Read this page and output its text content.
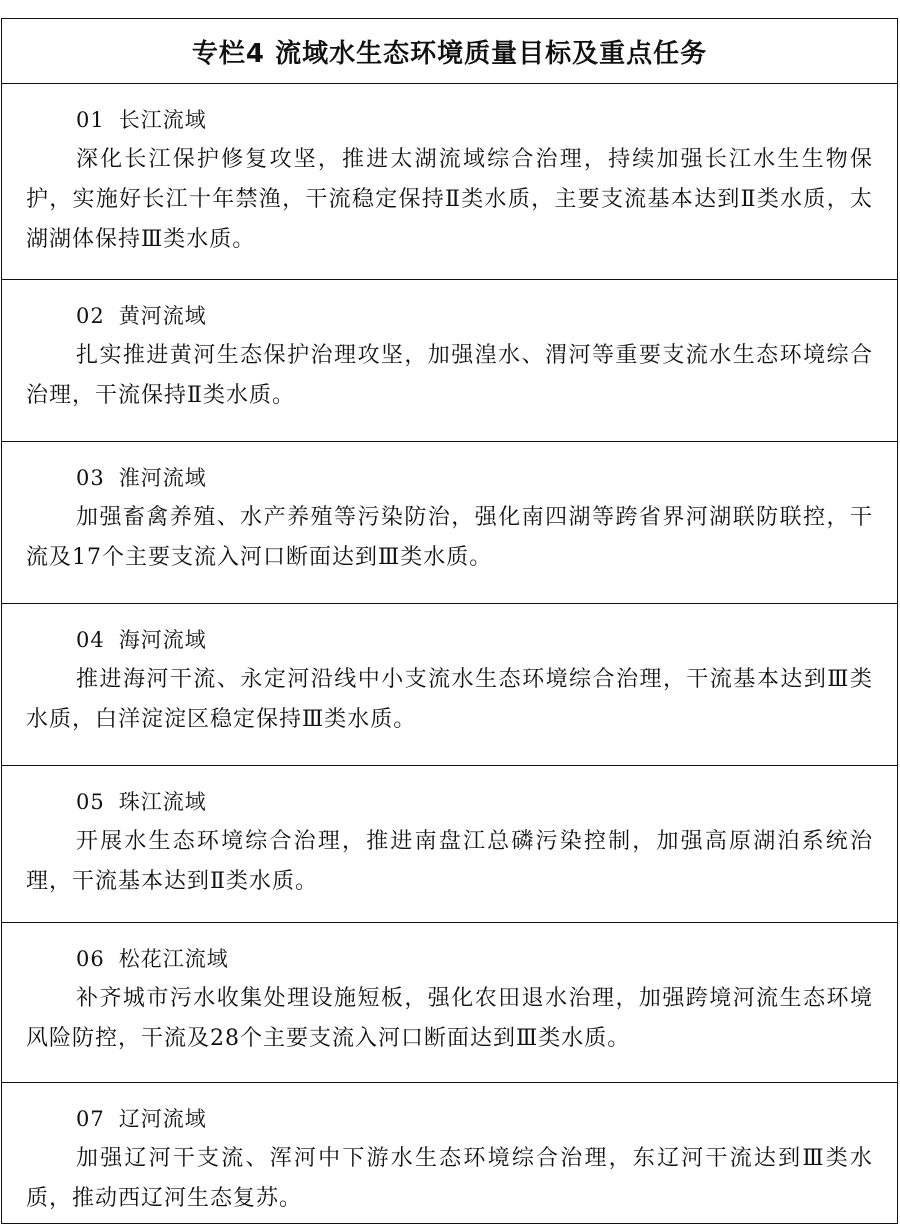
专栏4 流域水生态环境质量目标及重点任务
01 长江流域

深化长江保护修复攻坚，推进太湖流域综合治理，持续加强长江水生生物保护，实施好长江十年禁渔，干流稳定保持Ⅱ类水质，主要支流基本达到Ⅱ类水质，太湖湖体保持Ⅲ类水质。

02 黄河流域

扎实推进黄河生态保护治理攻坚，加强湟水、渭河等重要支流水生态环境综合治理，干流保持Ⅱ类水质。

03 淮河流域

加强畜禽养殖、水产养殖等污染防治，强化南四湖等跨省界河湖联防联控，干流及17个主要支流入河口断面达到Ⅲ类水质。

04 海河流域

推进海河干流、永定河沿线中小支流水生态环境综合治理，干流基本达到Ⅲ类水质，白洋淀淀区稳定保持Ⅲ类水质。

05 珠江流域

开展水生态环境综合治理，推进南盘江总磷污染控制，加强高原湖泊系统治理，干流基本达到Ⅱ类水质。

06 松花江流域

补齐城市污水收集处理设施短板，强化农田退水治理，加强跨境河流生态环境风险防控，干流及28个主要支流入河口断面达到Ⅲ类水质。

07 辽河流域

加强辽河干支流、浑河中下游水生态环境综合治理，东辽河干流达到Ⅲ类水质，推动西辽河生态复苏。
